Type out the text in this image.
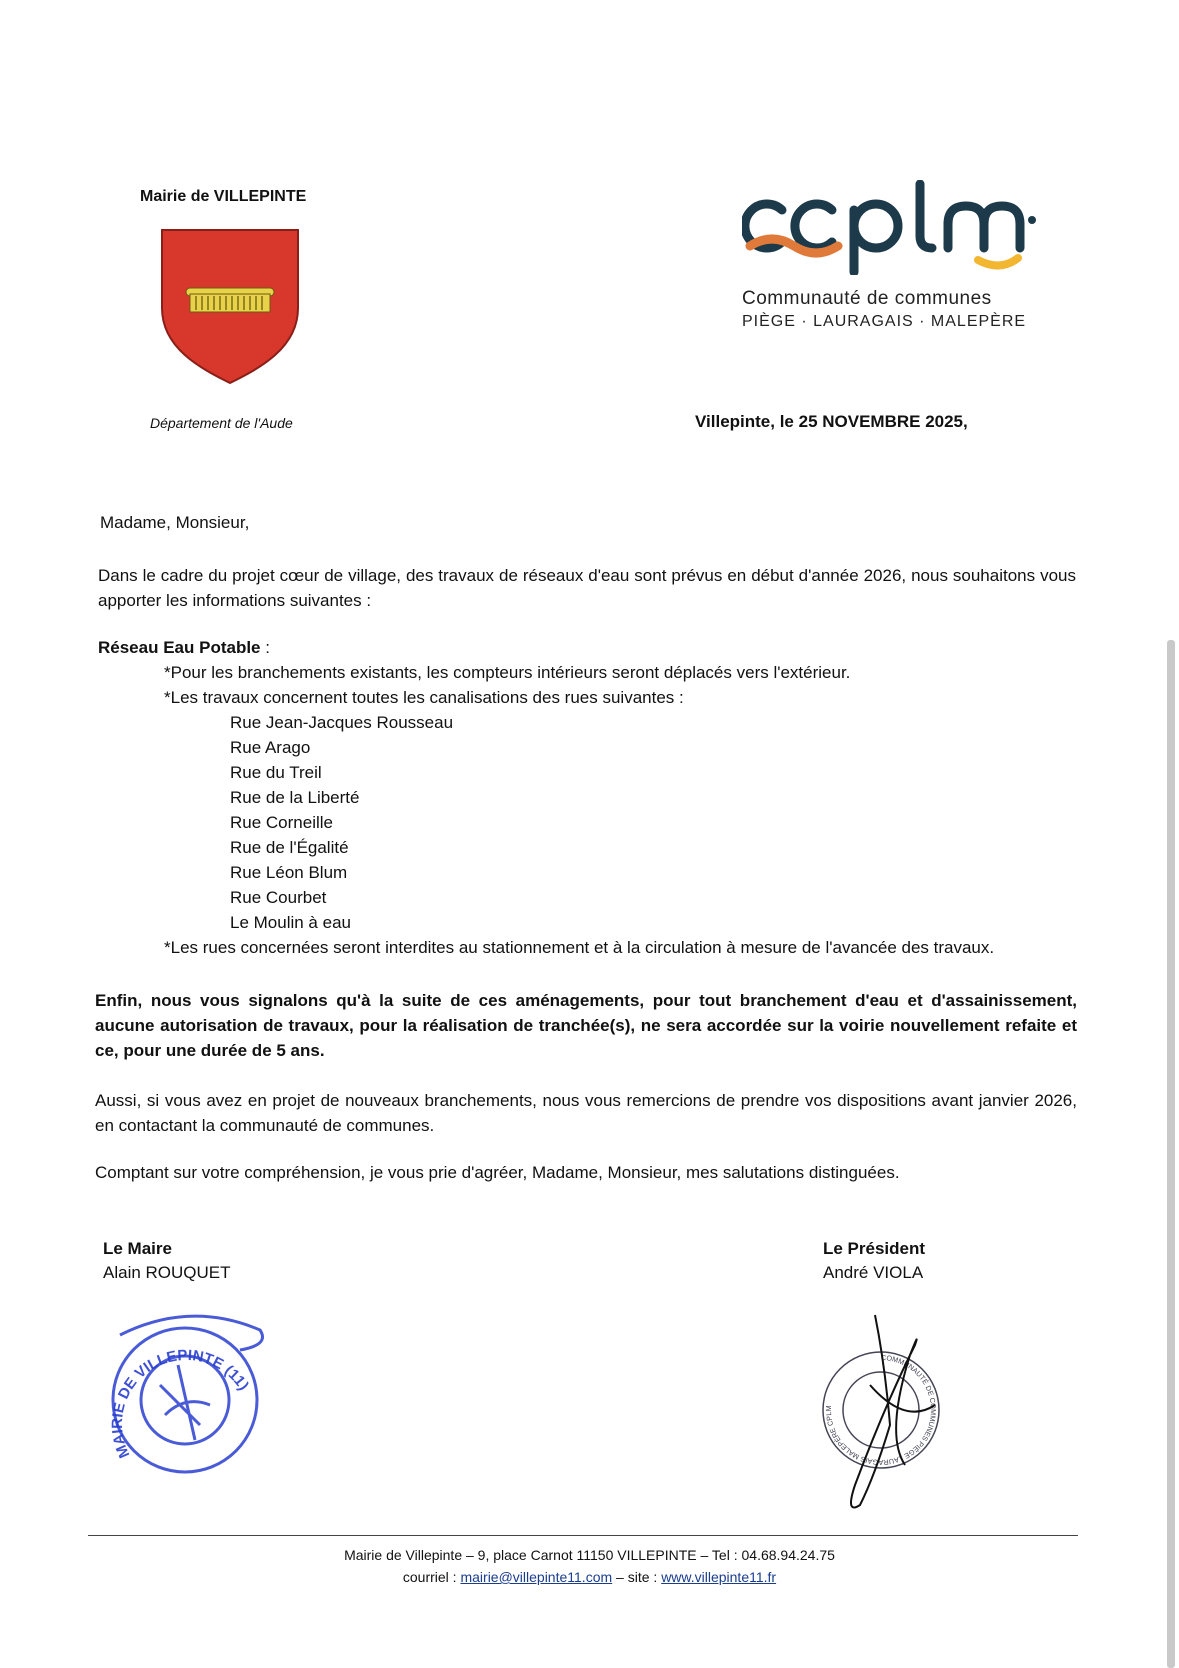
Mairie de VILLEPINTE
Département de l'Aude
Communauté de communes
PIÈGE · LAURAGAIS · MALEPÈRE
Villepinte, le 25 NOVEMBRE 2025,
Madame, Monsieur,
Dans le cadre du projet cœur de village, des travaux de réseaux d'eau sont prévus en début d'année 2026, nous souhaitons vous apporter les informations suivantes :
Réseau Eau Potable :
*Pour les branchements existants, les compteurs intérieurs seront déplacés vers l'extérieur.
*Les travaux concernent toutes les canalisations des rues suivantes :
Rue Jean-Jacques Rousseau
Rue Arago
Rue du Treil
Rue de la Liberté
Rue Corneille
Rue de l'Égalité
Rue Léon Blum
Rue Courbet
Le Moulin à eau
*Les rues concernées seront interdites au stationnement et à la circulation à mesure de l'avancée des travaux.
Enfin, nous vous signalons qu'à la suite de ces aménagements, pour tout branchement d'eau et d'assainissement, aucune autorisation de travaux, pour la réalisation de tranchée(s), ne sera accordée sur la voirie nouvellement refaite et ce, pour une durée de 5 ans.
Aussi, si vous avez en projet de nouveaux branchements, nous vous remercions de prendre vos dispositions avant janvier 2026, en contactant la communauté de communes.
Comptant sur votre compréhension, je vous prie d'agréer, Madame, Monsieur, mes salutations distinguées.
Le Maire
Alain ROUQUET
MAIRIE DE VILLEPINTE (11)
Le Président
André VIOLA
COMMUNAUTÉ DE COMMUNES PIÈGE LAURAGAIS MALEPÈRE CPLM
Mairie de Villepinte – 9, place Carnot 11150 VILLEPINTE – Tel : 04.68.94.24.75
courriel : mairie@villepinte11.com – site : www.villepinte11.fr
